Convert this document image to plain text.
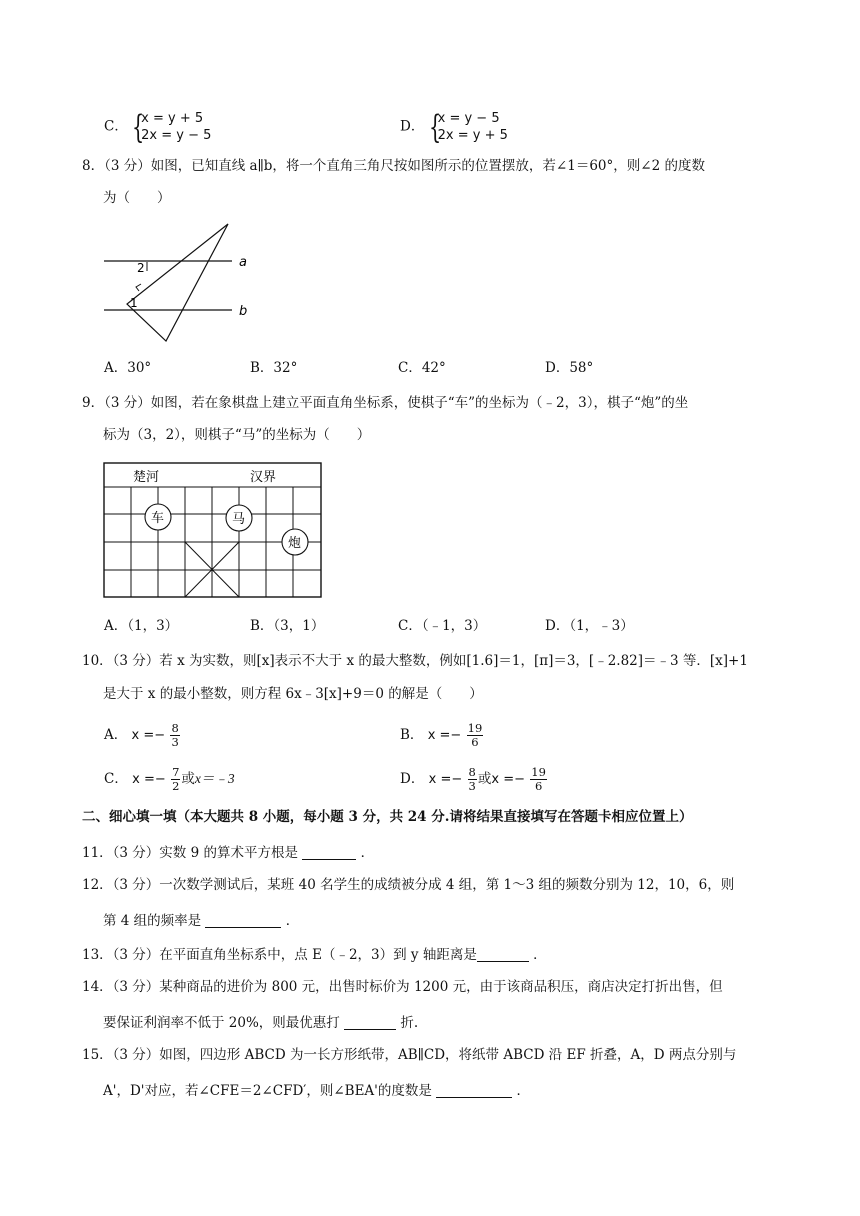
C． {
x = y + 5
2x = y − 5
D． {
x = y − 5
2x = y + 5
8．（3 分）如图，已知直线 a∥b，将一个直角三角尺按如图所示的位置摆放，若∠1＝60°，则∠2 的度数
为（　　）
a
b
1
2
A．30°	B．32°	C．42°	D．58°
9．（3 分）如图，若在象棋盘上建立平面直角坐标系，使棋子“车”的坐标为（﹣2，3），棋子“炮”的坐
标为（3，2），则棋子“马”的坐标为（　　）
楚河	汉界
车	马
炮
A．（1，3）	B．（3，1）	C．（﹣1，3）	D．（1，﹣3）
10．（3 分）若 x 为实数，则[x]表示不大于 x 的最大整数，例如[1.6]＝1，[π]＝3，[﹣2.82]＝﹣3 等．[x]+1
是大于 x 的最小整数，则方程 6x﹣3[x]+9＝0 的解是（　　）
A． $x =- \frac{8}{3}$	B． $x =- \frac{19}{6}$
C． $x =- \frac{7}{2}$ 或x＝﹣3	D． $x =- \frac{8}{3}$ 或$x =- \frac{19}{6}$
二、细心填一填（本大题共 8 小题，每小题 3 分，共 24 分.请将结果直接填写在答题卡相应位置上）
11．（3 分）实数 9 的算术平方根是	．
12．（3 分）一次数学测试后，某班 40 名学生的成绩被分成 4 组，第 1～3 组的频数分别为 12，10，6，则
第 4 组的频率是	．
13．（3 分）在平面直角坐标系中，点 E（﹣2，3）到 y 轴距离是	．
14．（3 分）某种商品的进价为 800 元，出售时标价为 1200 元，由于该商品积压，商店决定打折出售，但
要保证利润率不低于 20%，则最优惠打	折.
15．（3 分）如图，四边形 ABCD 为一长方形纸带，AB∥CD，将纸带 ABCD 沿 EF 折叠，A，D 两点分别与
A'，D'对应，若∠CFE＝2∠CFD′，则∠BEA'的度数是	．
